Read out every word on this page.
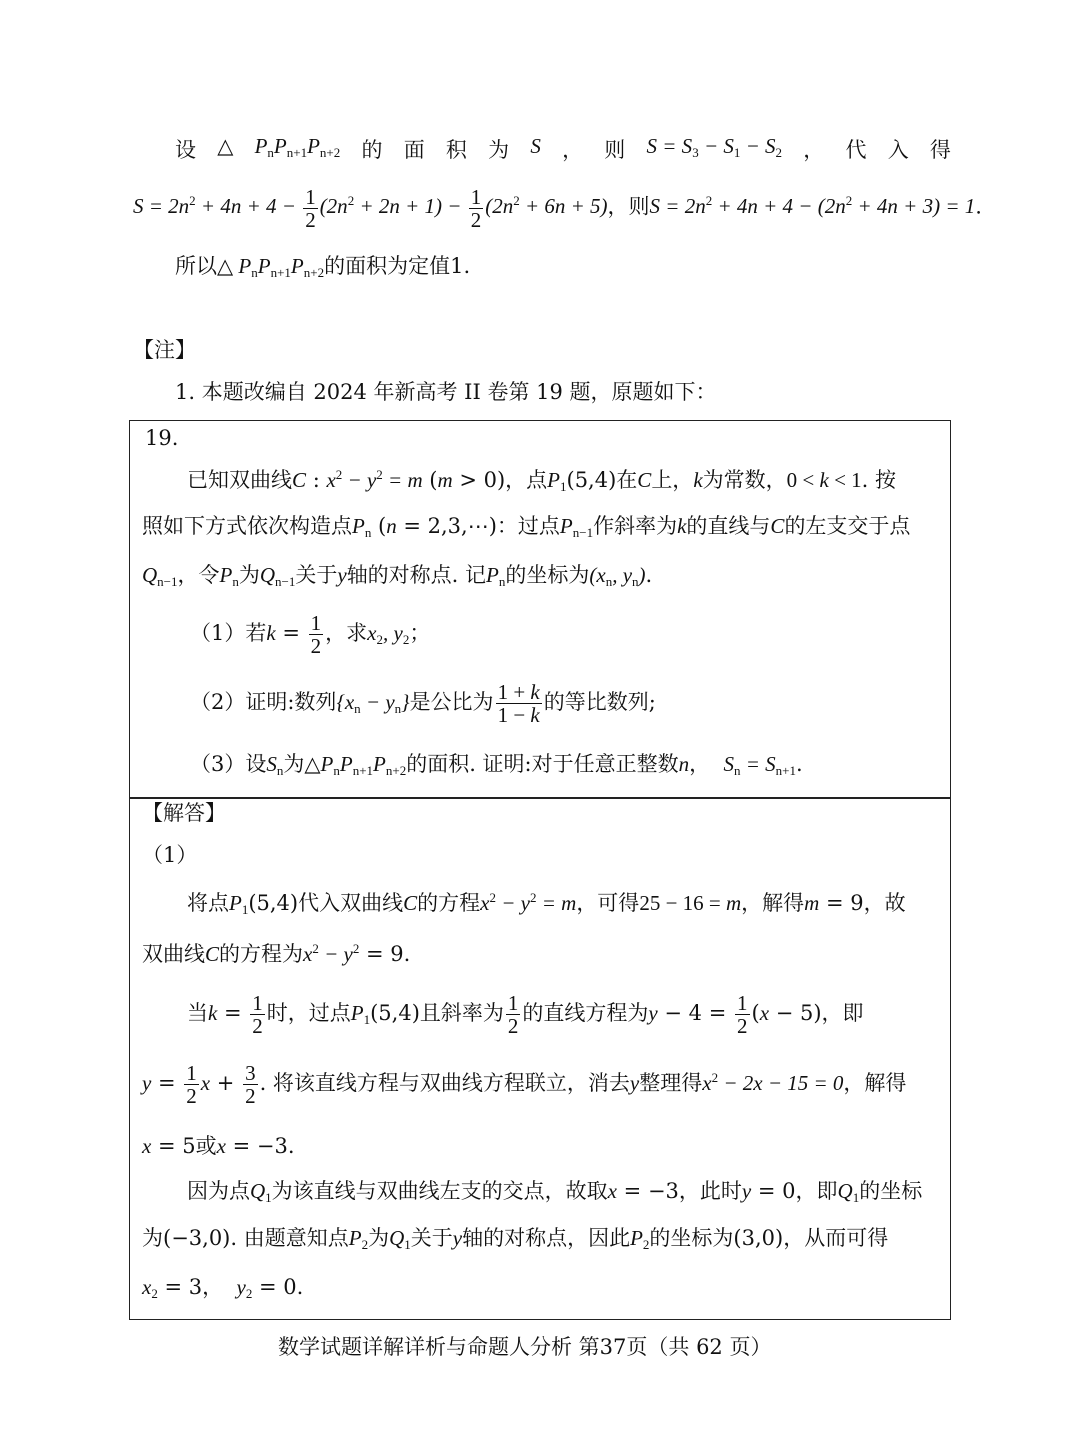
设 △ $P_nP_{n+1}P_{n+2}$ 的 面 积 为 S ， 则 $S = S_3 - S_1 - S_2$ ， 代 入 得
$S = 2n^2 + 4n + 4 - \frac{1}{2} (2n^2 + 2n + 1) - \frac{1}{2} (2n^2 + 6n + 5)$，则$S = 2n^2 + 4n + 4 - (2n^2 + 4n + 3) = 1$.
所以△ $P_nP_{n+1}P_{n+2}$的面积为定值1.
【注】
1. 本题改编自 2024 年新高考 II 卷第 19 题，原题如下：
19.
已知双曲线C : $x^2 - y^2 = m$ (m > 0)，点$P_1(5,4)$在C上，k为常数，0 < k < 1. 按
照如下方式依次构造点$P_n$ (n = 2,3,⋯)：过点$P_{n-1}$作斜率为k的直线与C的左支交于点
$Q_{n-1}$，令$P_n$为$Q_{n-1}$关于y轴的对称点. 记$P_n$的坐标为($x_n$, $y_n$).
（1）若$k = \frac{1}{2}$ ，求$x_2$, $y_2$；
（2）证明:数列$\{x_n - y_n\}$是公比为 $\frac{1 + k}{1 - k}$ 的等比数列;
（3）设$S_n$为$\triangle P_nP_{n+1}P_{n+2}$的面积. 证明:对于任意正整数n， $S_n = S_{n+1}$.
【解答】
（1）
将点$P_1(5,4)$代入双曲线C的方程$x^2 - y^2 = m$，可得25 − 16 = m，解得m = 9，故
双曲线C的方程为$x^2 - y^2 = 9$.
当$k = \frac{1}{2}$ 时，过点$P_1(5,4)$且斜率为 $\frac{1}{2}$ 的直线方程为$y - 4 = \frac{1}{2} (x - 5)$，即
$y = \frac{1}{2}$ $x + \frac{3}{2}$ . 将该直线方程与双曲线方程联立，消去y整理得$x^2 - 2x - 15 = 0$，解得
x = 5或x = −3.
因为点$Q_1$为该直线与双曲线左支的交点，故取x = −3，此时y = 0，即$Q_1$的坐标
为(−3,0). 由题意知点$P_2$为$Q_1$关于y轴的对称点，因此$P_2$的坐标为(3,0)，从而可得
$x_2 = 3$， $y_2 = 0$.
数学试题详解详析与命题人分析 第37页（共 62 页）
